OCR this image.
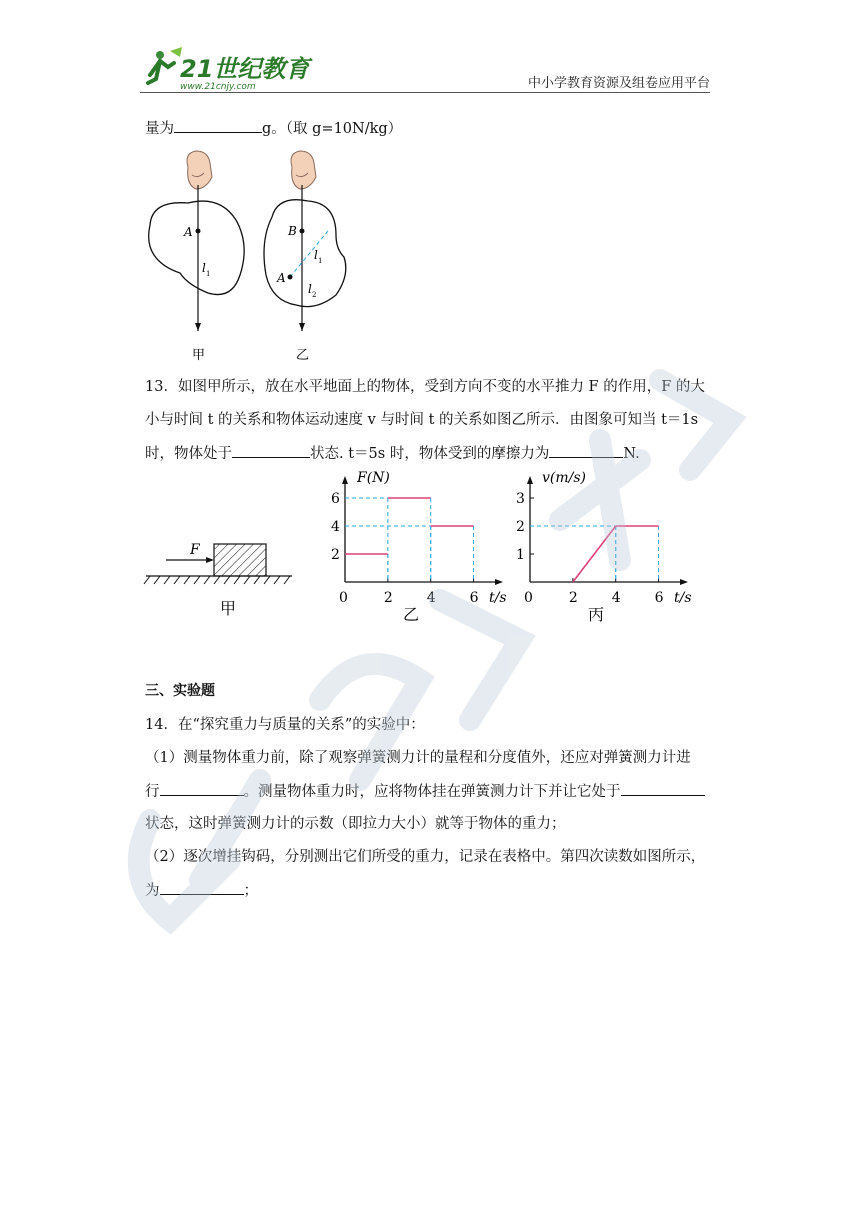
21世纪教育
www.21cnjy.com	中小学教育资源及组卷应用平台
量为	g。（取 g=10N/kg）
A
l 1
甲
B
A
l 1
l 2
乙
13．如图甲所示，放在水平地面上的物体，受到方向不变的水平推力 F 的作用，F 的大
小与时间 t 的关系和物体运动速度 v 与时间 t 的关系如图乙所示．由图象可知当 t＝1s
时，物体处于	状态. t＝5s 时，物体受到的摩擦力为	N.
F
甲
F(N)
t/s
0	2 4 6
2
4
6
乙
v(m/s)
t/s
0	2 4 6
1
2
3
丙
三、实验题
14．在“探究重力与质量的关系”的实验中：
（1）测量物体重力前，除了观察弹簧测力计的量程和分度值外，还应对弹簧测力计进
行	。测量物体重力时，应将物体挂在弹簧测力计下并让它处于
状态，这时弹簧测力计的示数（即拉力大小）就等于物体的重力；
（2）逐次增挂钩码，分别测出它们所受的重力，记录在表格中。第四次读数如图所示，
为	；
